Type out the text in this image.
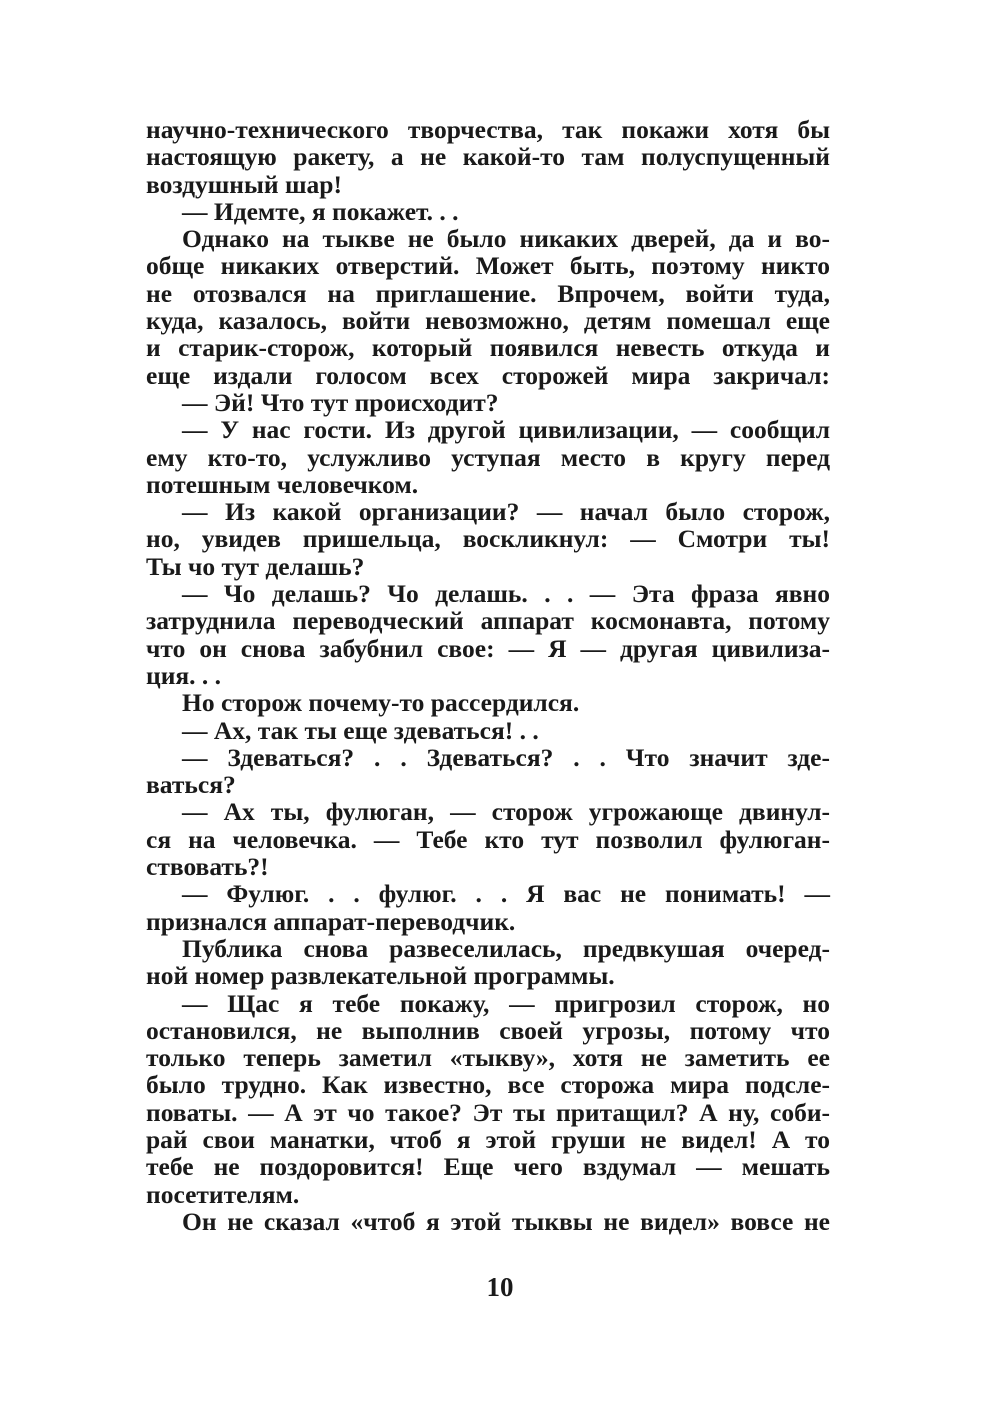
научно-технического творчества, так покажи хотя бы
настоящую ракету, а не какой-то там полуспущенный
воздушный шар!
— Идемте, я покажет. . .
Однако на тыкве не было никаких дверей, да и во-
обще никаких отверстий. Может быть, поэтому никто
не отозвался на приглашение. Впрочем, войти туда,
куда, казалось, войти невозможно, детям помешал еще
и старик-сторож, который появился невесть откуда и
еще издали голосом всех сторожей мира закричал:
— Эй! Что тут происходит?
— У нас гости. Из другой цивилизации, — сообщил
ему кто-то, услужливо уступая место в кругу перед
потешным человечком.
— Из какой организации? — начал было сторож,
но, увидев пришельца, воскликнул: — Смотри ты!
Ты чо тут делашь?
— Чо делашь? Чо делашь. . . — Эта фраза явно
затруднила переводческий аппарат космонавта, потому
что он снова забубнил свое: — Я — другая цивилиза-
ция. . .
Но сторож почему-то рассердился.
— Ах, так ты еще здеваться! . .
— Здеваться? . . Здеваться? . . Что значит зде-
ваться?
— Ах ты, фулюган, — сторож угрожающе двинул-
ся на человечка. — Тебе кто тут позволил фулюган-
ствовать?!
— Фулюг. . . фулюг. . . Я вас не понимать! —
признался аппарат-переводчик.
Публика снова развеселилась, предвкушая очеред-
ной номер развлекательной программы.
— Щас я тебе покажу, — пригрозил сторож, но
остановился, не выполнив своей угрозы, потому что
только теперь заметил «тыкву», хотя не заметить ее
было трудно. Как известно, все сторожа мира подсле-
поваты. — А эт чо такое? Эт ты притащил? А ну, соби-
рай свои манатки, чтоб я этой груши не видел! А то
тебе не поздоровится! Еще чего вздумал — мешать
посетителям.
Он не сказал «чтоб я этой тыквы не видел» вовсе не
10
